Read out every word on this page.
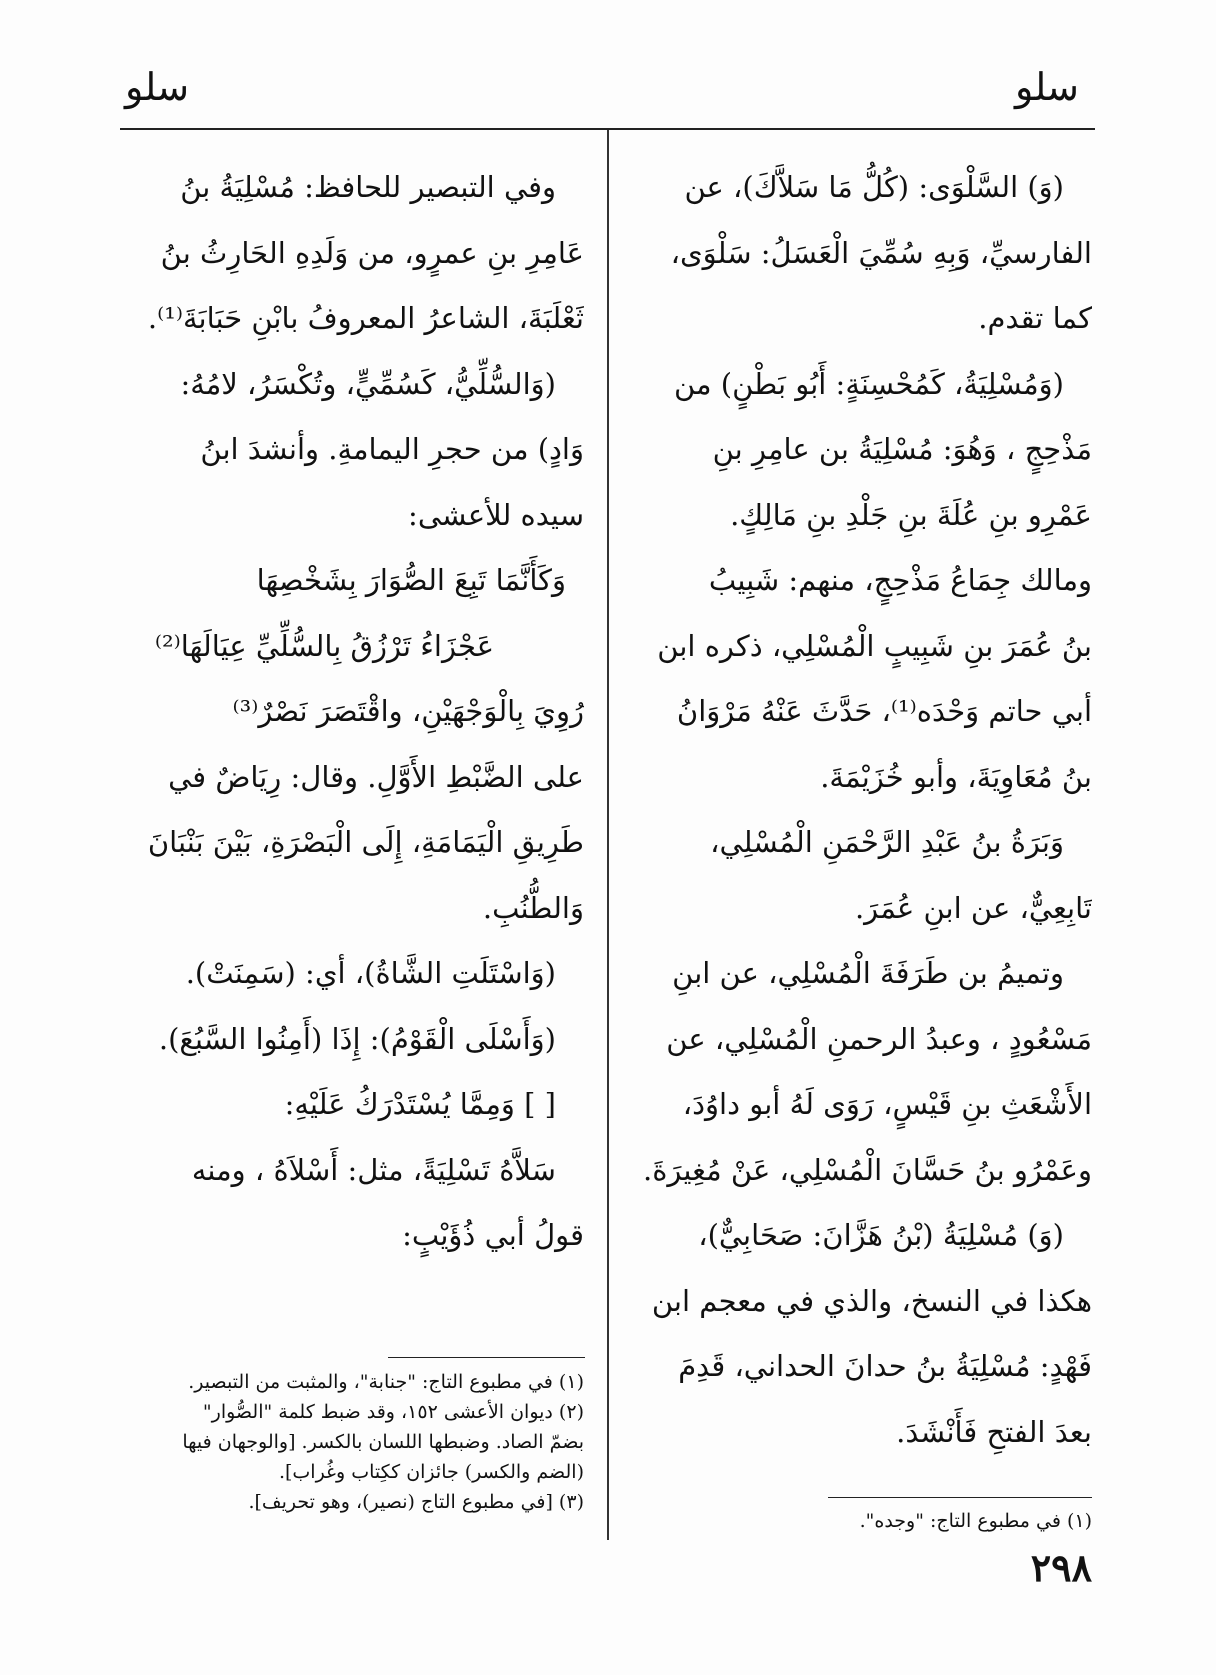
سلو
سلو
(وَ) السَّلْوَى: (كُلُّ مَا سَلاَّكَ)، عن
الفارسيِّ، وَبِهِ سُمِّيَ الْعَسَلُ: سَلْوَى،
كما تقدم.
(وَمُسْلِيَةُ، كَمُحْسِنَةٍ: أَبُو بَطْنٍ) من
مَذْحِجٍ ، وَهُوَ: مُسْلِيَةُ بن عامِرِ بنِ
عَمْرِو بنِ عُلَةَ بنِ جَلْدِ بنِ مَالِكٍ.
ومالك جِمَاعُ مَذْحِجٍ، منهم: شَبِيبُ
بنُ عُمَرَ بنِ شَبِيبٍ الْمُسْلِي، ذكره ابن
أبي حاتم وَحْدَه⁽¹⁾، حَدَّثَ عَنْهُ مَرْوَانُ
بنُ مُعَاوِيَةَ، وأبو خُزَيْمَةَ.
وَبَرَةُ بنُ عَبْدِ الرَّحْمَنِ الْمُسْلِي،
تَابِعِيٌّ، عن ابنِ عُمَرَ.
وتميمُ بن طَرَفَةَ الْمُسْلِي، عن ابنِ
مَسْعُودٍ ، وعبدُ الرحمنِ الْمُسْلِي، عن
الأَشْعَثِ بنِ قَيْسٍ، رَوَى لَهُ أبو داوُدَ،
وعَمْرُو بنُ حَسَّانَ الْمُسْلِي، عَنْ مُغِيرَةَ.
(وَ) مُسْلِيَةُ (بْنُ هَزَّانَ: صَحَابِيٌّ)،
هكذا في النسخ، والذي في معجم ابن
فَهْدٍ: مُسْلِيَةُ بنُ حدانَ الحداني، قَدِمَ
بعدَ الفتحِ فَأَنْشَدَ.
وفي التبصير للحافظ: مُسْلِيَةُ بنُ
عَامِرِ بنِ عمرٍو، من وَلَدِهِ الحَارِثُ بنُ
ثَعْلَبَةَ، الشاعرُ المعروفُ بابْنِ حَبَابَةَ⁽¹⁾.
(وَالسُّلِّيُّ، كَسُمِّيٍّ، وتُكْسَرُ، لامُهُ:
وَادٍ) من حجرِ اليمامةِ. وأنشدَ ابنُ
سيده للأعشى:
وَكَأَنَّمَا تَبِعَ الصُّوَارَ بِشَخْصِهَا
عَجْزَاءُ تَرْزُقُ بِالسُّلِّيِّ عِيَالَهَا⁽²⁾
رُوِيَ بِالْوَجْهَيْنِ، واقْتَصَرَ نَصْرٌ⁽³⁾
على الضَّبْطِ الأَوَّلِ. وقال: رِيَاضٌ في
طَرِيقِ الْيَمَامَةِ، إِلَى الْبَصْرَةِ، بَيْنَ بَنْبَانَ
وَالطُّنُبِ.
(وَاسْتَلَتِ الشَّاةُ)، أي: (سَمِنَتْ).
(وَأَسْلَى الْقَوْمُ): إِذَا (أَمِنُوا السَّبُعَ).
[ ] وَمِمَّا يُسْتَدْرَكُ عَلَيْهِ:
سَلاَّهُ تَسْلِيَةً، مثل: أَسْلاَهُ ، ومنه
قولُ أبي ذُؤَيْبٍ:
(١) في مطبوع التاج: "جنابة"، والمثبت من التبصير.
(٢) ديوان الأعشى ١٥٢، وقد ضبط كلمة "الصُّوار"
بضمّ الصاد. وضبطها اللسان بالكسر. [والوجهان فيها
(الضم والكسر) جائزان ككِتاب وغُراب].
(٣) [في مطبوع التاج (نصير)، وهو تحريف].
(١) في مطبوع التاج: "وجده".
٢٩٨
